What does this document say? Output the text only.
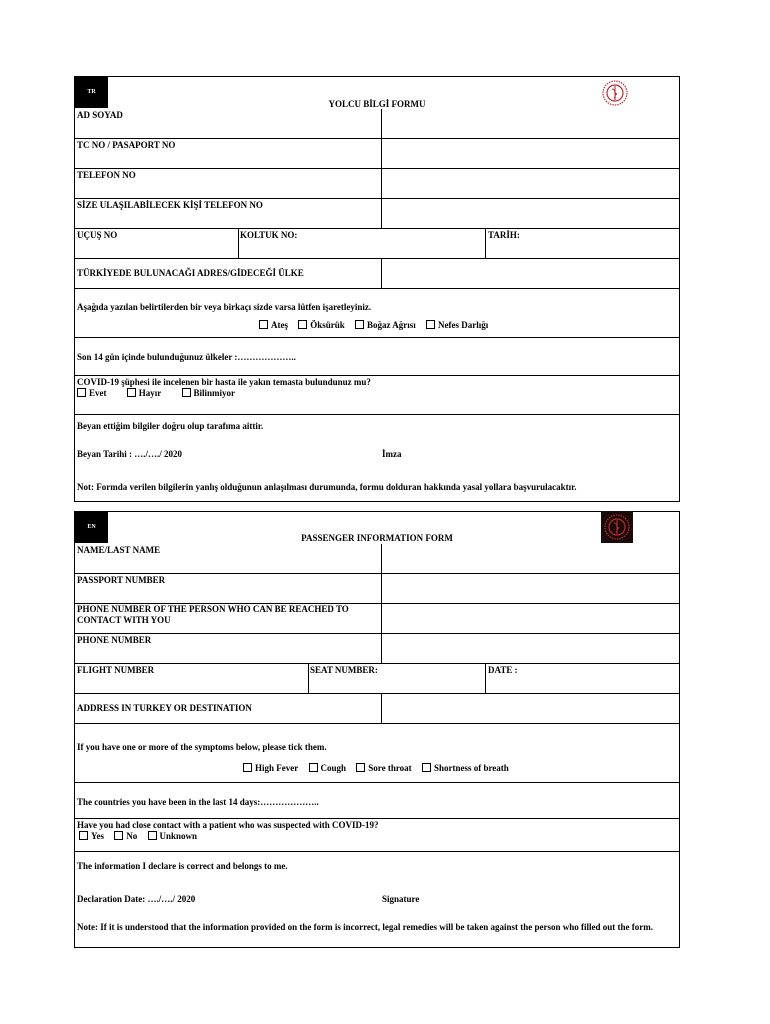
TR
YOLCU BİLGİ FORMU
AD SOYAD
TC NO / PASAPORT NO
TELEFON NO
SİZE ULAŞILABİLECEK KİŞİ TELEFON NO
UÇUŞ NO	KOLTUK NO:	TARİH:
TÜRKİYEDE BULUNACAĞI ADRES/GİDECEĞİ ÜLKE
Aşağıda yazılan belirtilerden bir veya birkaçı sizde varsa lütfen işaretleyiniz.
Ateş Öksürük Boğaz Ağrısı Nefes Darlığı
Son 14 gün içinde bulunduğunuz ülkeler :………………..
COVID-19 şüphesi ile incelenen bir hasta ile yakın temasta bulundunuz mu?
Evet	Hayır	Bilinmiyor
Beyan ettiğim bilgiler doğru olup tarafıma aittir.
Beyan Tarihi : …./…./ 2020	İmza
Not: Formda verilen bilgilerin yanlış olduğunun anlaşılması durumunda, formu dolduran hakkında yasal yollara başvurulacaktır.
EN
PASSENGER INFORMATION FORM
NAME/LAST NAME
PASSPORT NUMBER
PHONE NUMBER OF THE PERSON WHO CAN BE REACHED TO CONTACT WITH YOU
PHONE NUMBER
FLIGHT NUMBER	SEAT NUMBER:	DATE :
ADDRESS IN TURKEY OR DESTINATION
If you have one or more of the symptoms below, please tick them.
High Fever Cough Sore throat Shortness of breath
The countries you have been in the last 14 days:………………..
Have you had close contact with a patient who was suspected with COVID-19?
Yes No Unknown
The information I declare is correct and belongs to me.
Declaration Date: …./…./ 2020	Signature
Note: If it is understood that the information provided on the form is incorrect, legal remedies will be taken against the person who filled out the form.
